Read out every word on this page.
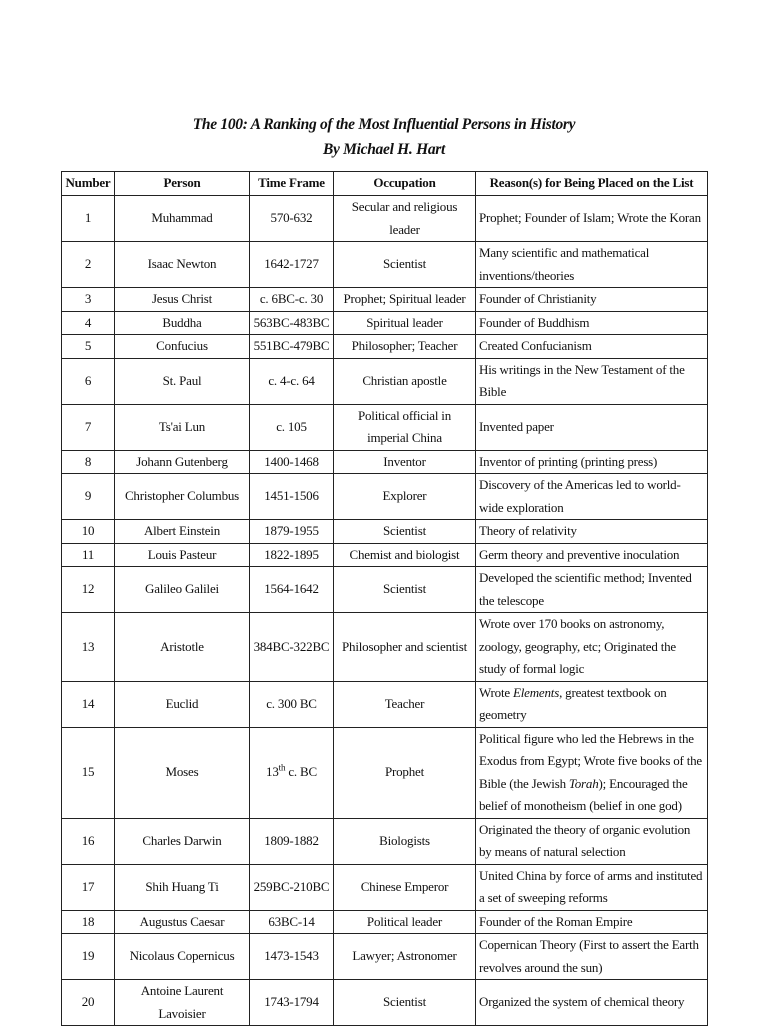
The 100: A Ranking of the Most Influential Persons in History
By Michael H. Hart
Number	Person	Time Frame	Occupation	Reason(s) for Being Placed on the List
1	Muhammad	570-632	Secular and religious leader	Prophet; Founder of Islam; Wrote the Koran
2	Isaac Newton	1642-1727	Scientist	Many scientific and mathematical inventions/theories
3	Jesus Christ	c. 6BC-c. 30	Prophet; Spiritual leader	Founder of Christianity
4	Buddha	563BC-483BC	Spiritual leader	Founder of Buddhism
5	Confucius	551BC-479BC	Philosopher; Teacher	Created Confucianism
6	St. Paul	c. 4-c. 64	Christian apostle	His writings in the New Testament of the Bible
7	Ts'ai Lun	c. 105	Political official in imperial China	Invented paper
8	Johann Gutenberg	1400-1468	Inventor	Inventor of printing (printing press)
9	Christopher Columbus	1451-1506	Explorer	Discovery of the Americas led to world-wide exploration
10	Albert Einstein	1879-1955	Scientist	Theory of relativity
11	Louis Pasteur	1822-1895	Chemist and biologist	Germ theory and preventive inoculation
12	Galileo Galilei	1564-1642	Scientist	Developed the scientific method; Invented the telescope
13	Aristotle	384BC-322BC	Philosopher and scientist	Wrote over 170 books on astronomy, zoology, geography, etc; Originated the study of formal logic
14	Euclid	c. 300 BC	Teacher	Wrote Elements, greatest textbook on geometry
15	Moses	13th c. BC	Prophet	Political figure who led the Hebrews in the Exodus from Egypt; Wrote five books of the Bible (the Jewish Torah); Encouraged the belief of monotheism (belief in one god)
16	Charles Darwin	1809-1882	Biologists	Originated the theory of organic evolution by means of natural selection
17	Shih Huang Ti	259BC-210BC	Chinese Emperor	United China by force of arms and instituted a set of sweeping reforms
18	Augustus Caesar	63BC-14	Political leader	Founder of the Roman Empire
19	Nicolaus Copernicus	1473-1543	Lawyer; Astronomer	Copernican Theory (First to assert the Earth revolves around the sun)
20	Antoine Laurent Lavoisier	1743-1794	Scientist	Organized the system of chemical theory
